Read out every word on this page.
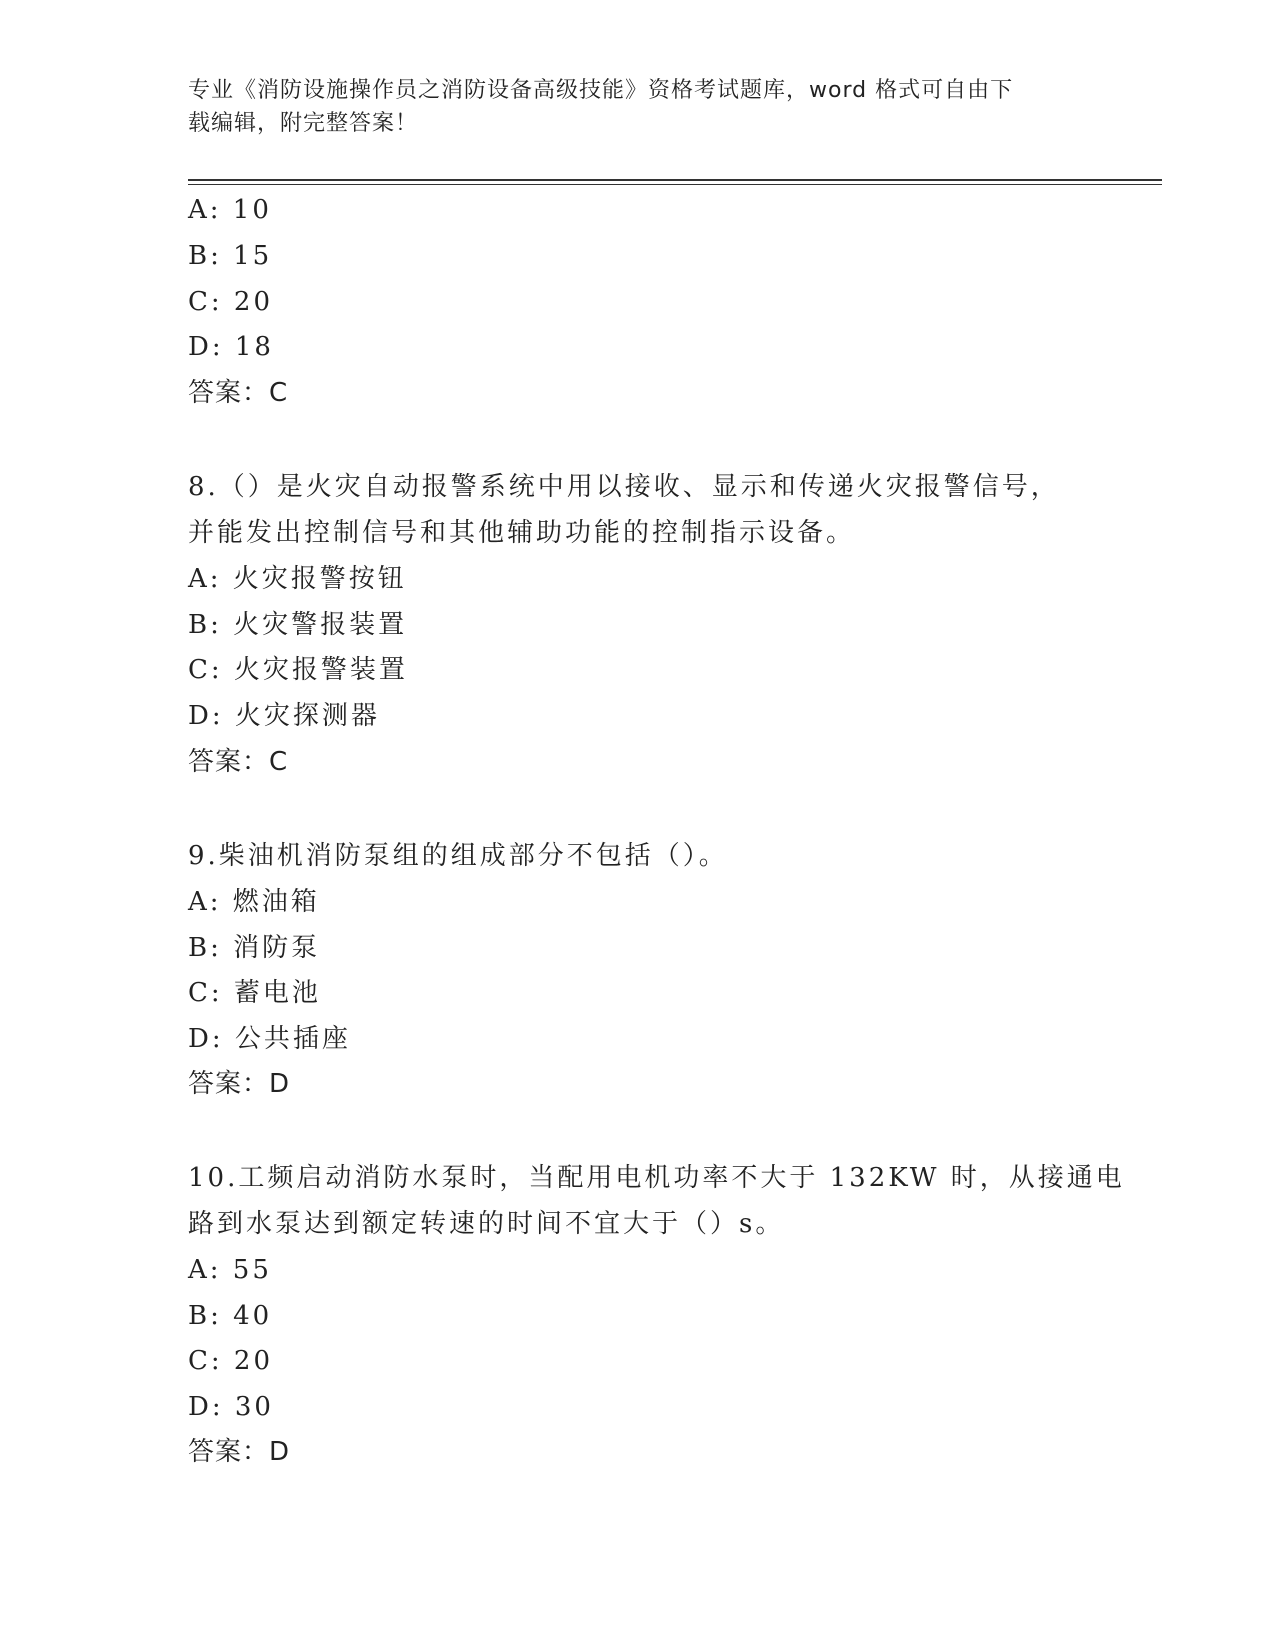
专业《消防设施操作员之消防设备高级技能》资格考试题库，word 格式可自由下
载编辑，附完整答案！
A: 10
B: 15
C: 20
D: 18
答案：C
8.（）是火灾自动报警系统中用以接收、显示和传递火灾报警信号，
并能发出控制信号和其他辅助功能的控制指示设备。
A: 火灾报警按钮
B: 火灾警报装置
C: 火灾报警装置
D: 火灾探测器
答案：C
9.柴油机消防泵组的组成部分不包括（）。
A: 燃油箱
B: 消防泵
C: 蓄电池
D: 公共插座
答案：D
10.工频启动消防水泵时，当配用电机功率不大于 132KW 时，从接通电
路到水泵达到额定转速的时间不宜大于（）s。
A: 55
B: 40
C: 20
D: 30
答案：D
